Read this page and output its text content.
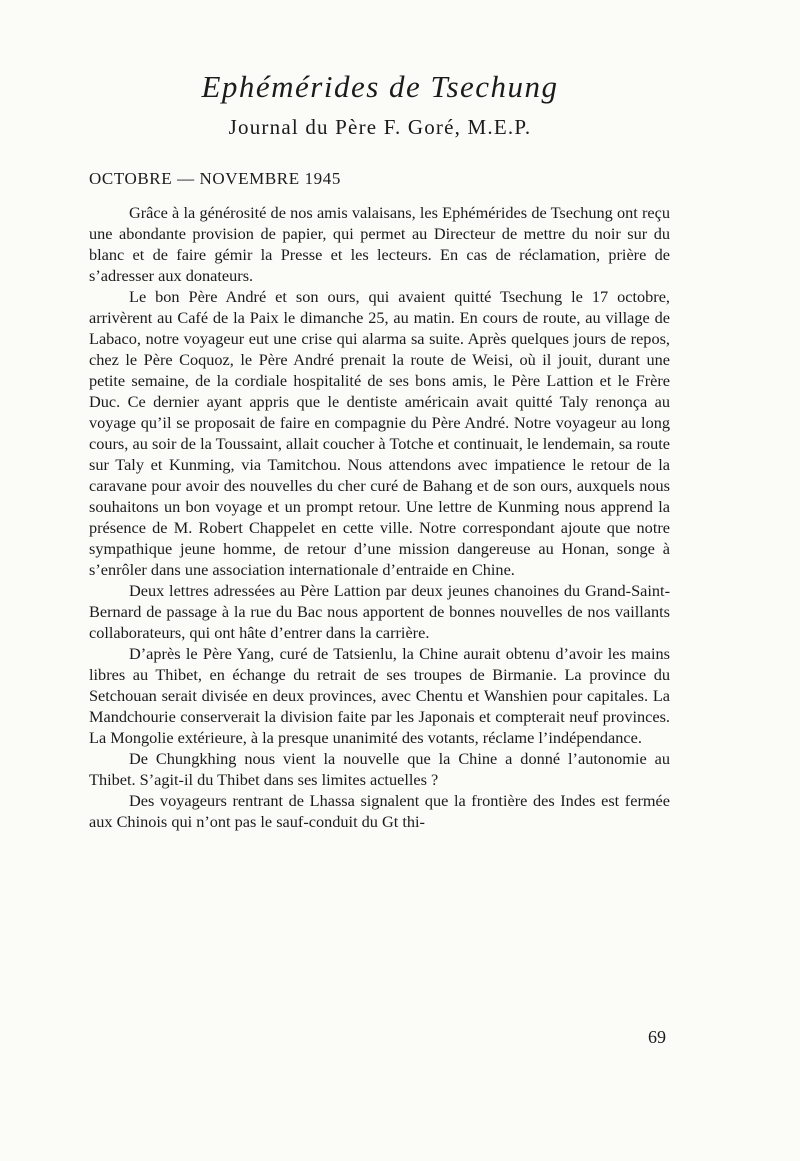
Ephémérides de Tsechung
Journal du Père F. Goré, M.E.P.
OCTOBRE — NOVEMBRE 1945

Grâce à la générosité de nos amis valaisans, les Ephémérides de Tsechung ont reçu une abondante provision de papier, qui permet au Directeur de mettre du noir sur du blanc et de faire gémir la Presse et les lecteurs. En cas de réclamation, prière de s’adresser aux donateurs.

Le bon Père André et son ours, qui avaient quitté Tsechung le 17 octobre, arrivèrent au Café de la Paix le dimanche 25, au matin. En cours de route, au village de Labaco, notre voyageur eut une crise qui alarma sa suite. Après quelques jours de repos, chez le Père Coquoz, le Père André prenait la route de Weisi, où il jouit, durant une petite semaine, de la cordiale hospitalité de ses bons amis, le Père Lattion et le Frère Duc. Ce dernier ayant appris que le dentiste américain avait quitté Taly renonça au voyage qu’il se proposait de faire en compagnie du Père André. Notre voyageur au long cours, au soir de la Toussaint, allait coucher à Totche et continuait, le lendemain, sa route sur Taly et Kunming, via Tamitchou. Nous attendons avec impatience le retour de la caravane pour avoir des nouvelles du cher curé de Bahang et de son ours, auxquels nous souhaitons un bon voyage et un prompt retour. Une lettre de Kunming nous apprend la présence de M. Robert Chappelet en cette ville. Notre correspondant ajoute que notre sympathique jeune homme, de retour d’une mission dangereuse au Honan, songe à s’enrôler dans une association internationale d’entraide en Chine.

Deux lettres adressées au Père Lattion par deux jeunes chanoines du Grand-Saint-Bernard de passage à la rue du Bac nous apportent de bonnes nouvelles de nos vaillants collaborateurs, qui ont hâte d’entrer dans la carrière.

D’après le Père Yang, curé de Tatsienlu, la Chine aurait obtenu d’avoir les mains libres au Thibet, en échange du retrait de ses troupes de Birmanie. La province du Setchouan serait divisée en deux provinces, avec Chentu et Wanshien pour capitales. La Mandchourie conserverait la division faite par les Japonais et compterait neuf provinces. La Mongolie extérieure, à la presque unanimité des votants, réclame l’indépendance.

De Chungkhing nous vient la nouvelle que la Chine a donné l’autonomie au Thibet. S’agit-il du Thibet dans ses limites actuelles ?

Des voyageurs rentrant de Lhassa signalent que la frontière des Indes est fermée aux Chinois qui n’ont pas le sauf-conduit du Gt thi-

69
